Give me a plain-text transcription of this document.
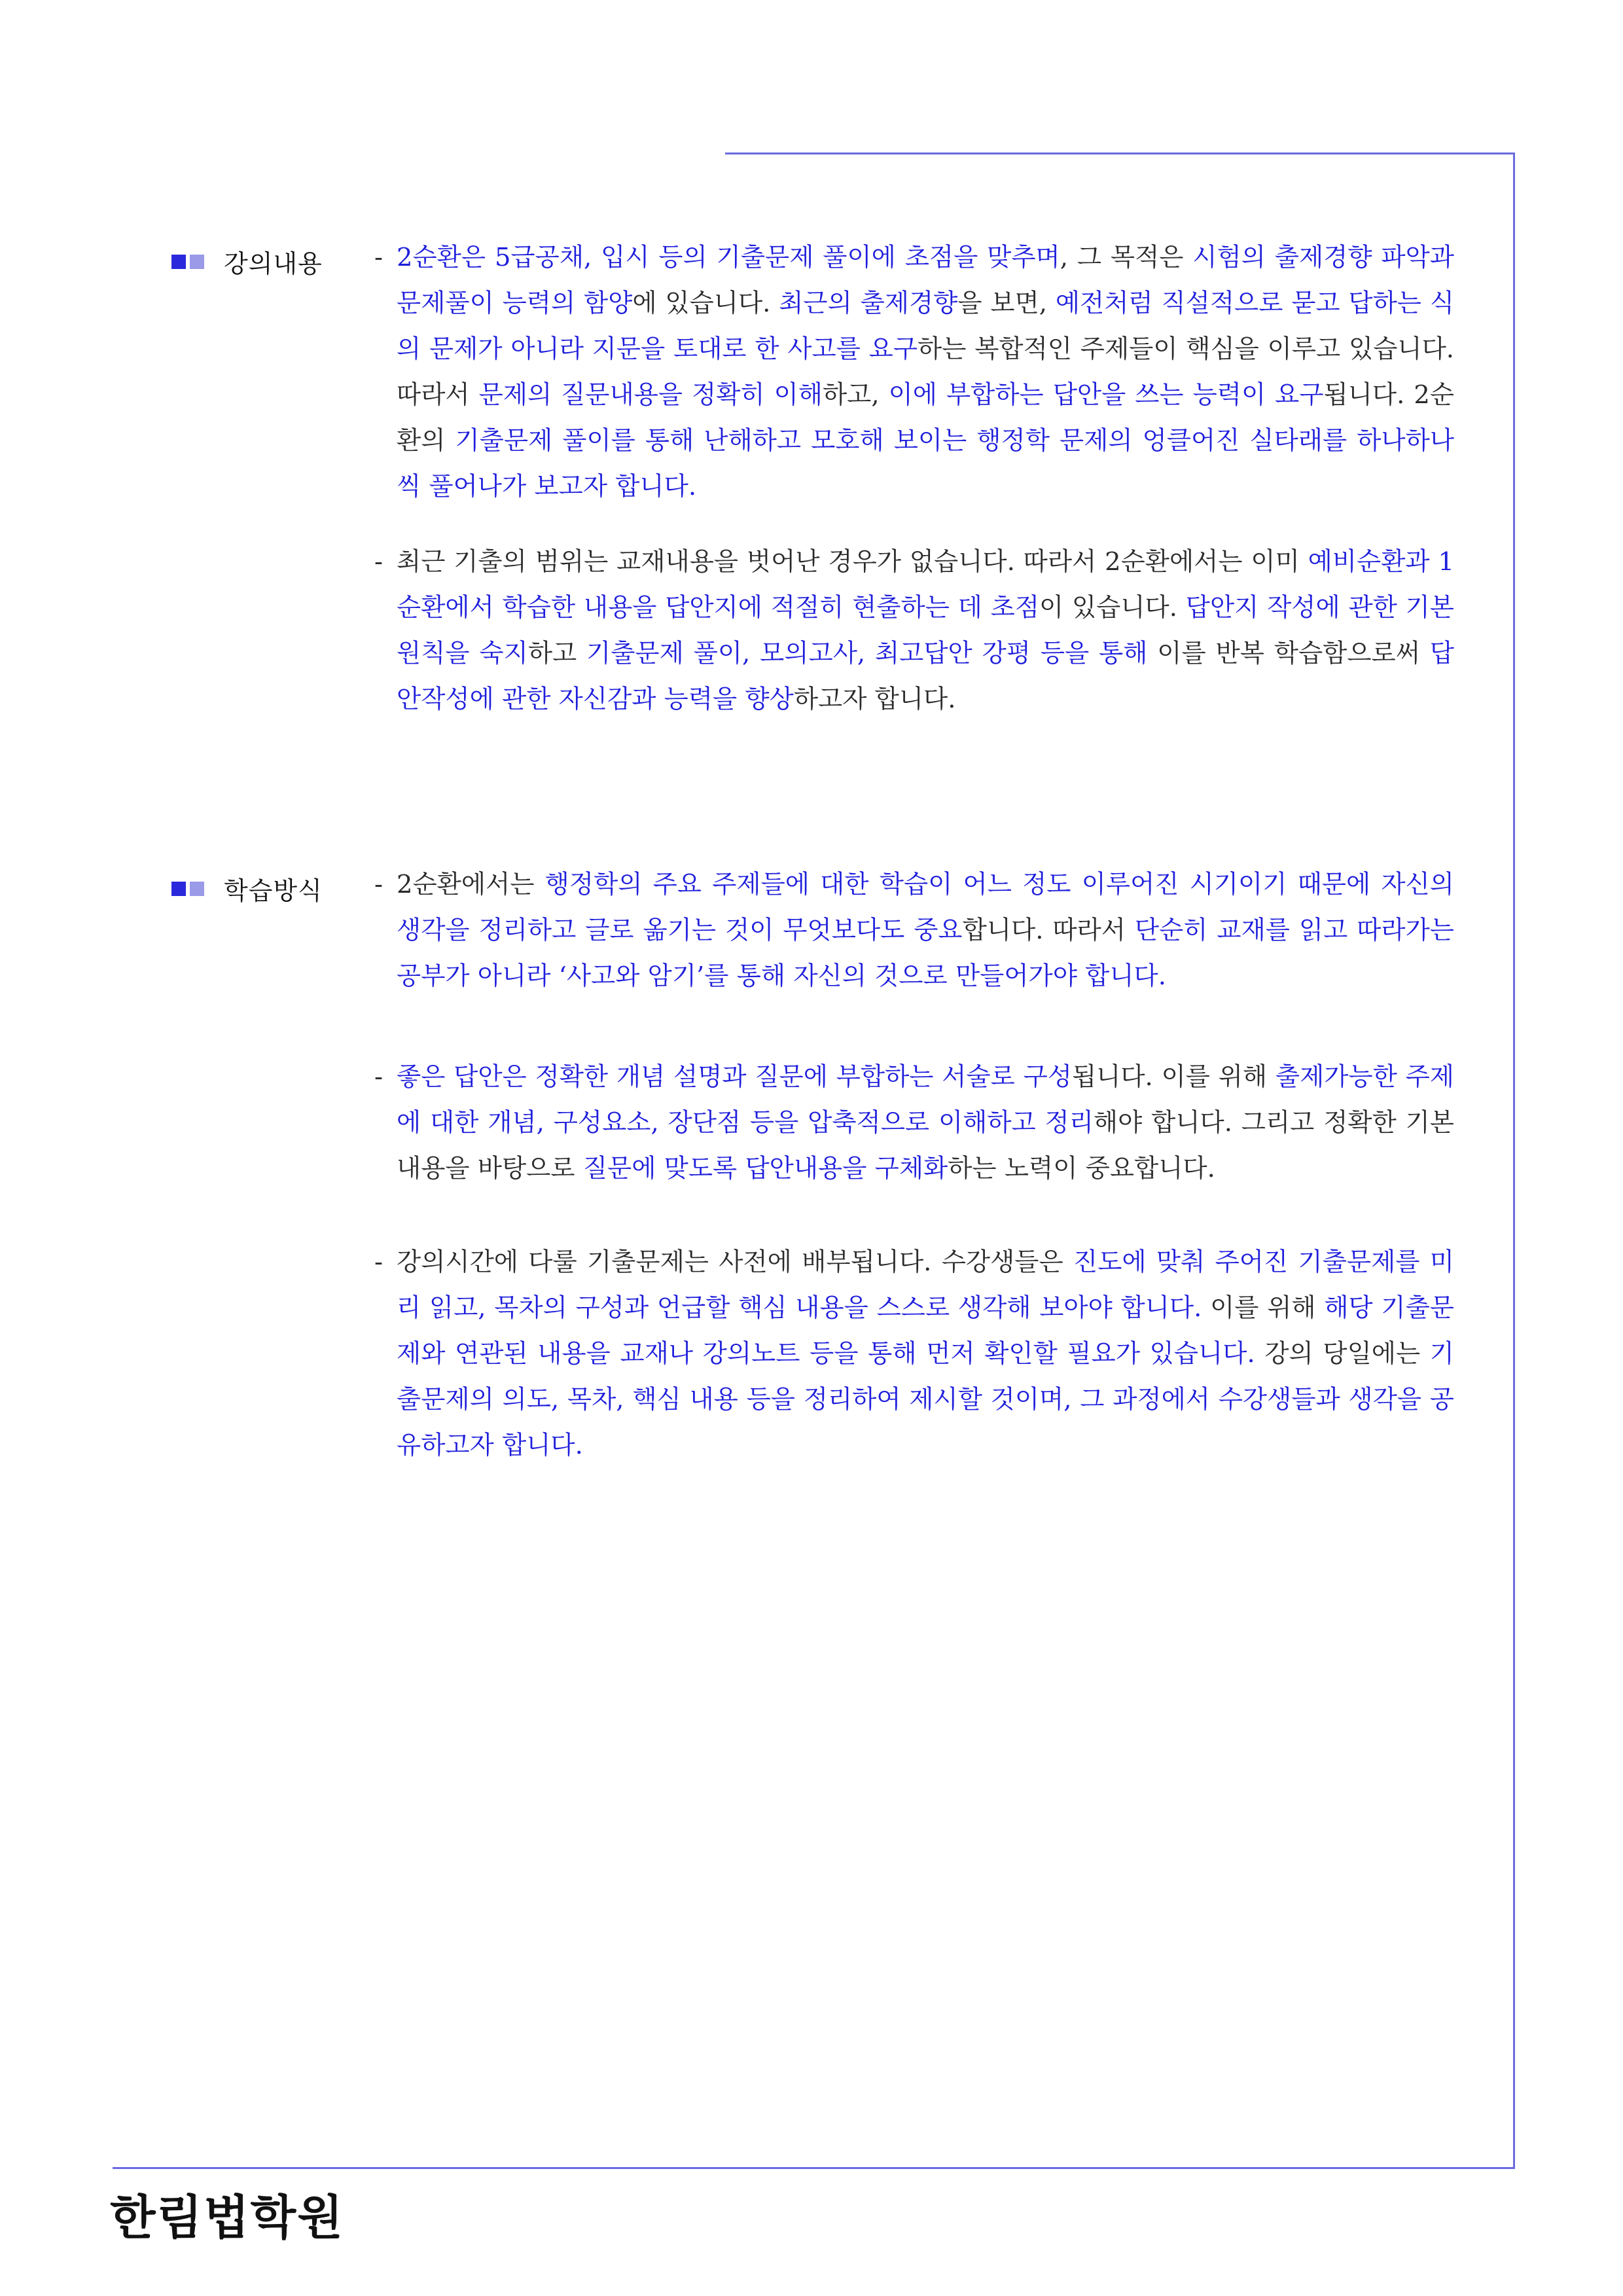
강의내용 - 2순환은 5급공채, 입시 등의 기출문제 풀이에 초점을 맞추며, 그 목적은 시험의 출제경향 파악과 문제풀이 능력의 함양에 있습니다. 최근의 출제경향을 보면, 예전처럼 직설적으로 묻고 답하는 식의 문제가 아니라 지문을 토대로 한 사고를 요구하는 복합적인 주제들이 핵심을 이루고 있습니다. 따라서 문제의 질문내용을 정확히 이해하고, 이에 부합하는 답안을 쓰는 능력이 요구됩니다. 2순환의 기출문제 풀이를 통해 난해하고 모호해 보이는 행정학 문제의 엉클어진 실타래를 하나하나씩 풀어나가 보고자 합니다.
- 최근 기출의 범위는 교재내용을 벗어난 경우가 없습니다. 따라서 2순환에서는 이미 예비순환과 1순환에서 학습한 내용을 답안지에 적절히 현출하는 데 초점이 있습니다. 답안지 작성에 관한 기본 원칙을 숙지하고 기출문제 풀이, 모의고사, 최고답안 강평 등을 통해 이를 반복 학습함으로써 답안작성에 관한 자신감과 능력을 향상하고자 합니다.
학습방식 - 2순환에서는 행정학의 주요 주제들에 대한 학습이 어느 정도 이루어진 시기이기 때문에 자신의 생각을 정리하고 글로 옮기는 것이 무엇보다도 중요합니다. 따라서 단순히 교재를 읽고 따라가는 공부가 아니라 ‘사고와 암기’를 통해 자신의 것으로 만들어가야 합니다.
- 좋은 답안은 정확한 개념 설명과 질문에 부합하는 서술로 구성됩니다. 이를 위해 출제가능한 주제에 대한 개념, 구성요소, 장단점 등을 압축적으로 이해하고 정리해야 합니다. 그리고 정확한 기본내용을 바탕으로 질문에 맞도록 답안내용을 구체화하는 노력이 중요합니다.
- 강의시간에 다룰 기출문제는 사전에 배부됩니다. 수강생들은 진도에 맞춰 주어진 기출문제를 미리 읽고, 목차의 구성과 언급할 핵심 내용을 스스로 생각해 보아야 합니다. 이를 위해 해당 기출문제와 연관된 내용을 교재나 강의노트 등을 통해 먼저 확인할 필요가 있습니다. 강의 당일에는 기출문제의 의도, 목차, 핵심 내용 등을 정리하여 제시할 것이며, 그 과정에서 수강생들과 생각을 공유하고자 합니다.
한림법학원
